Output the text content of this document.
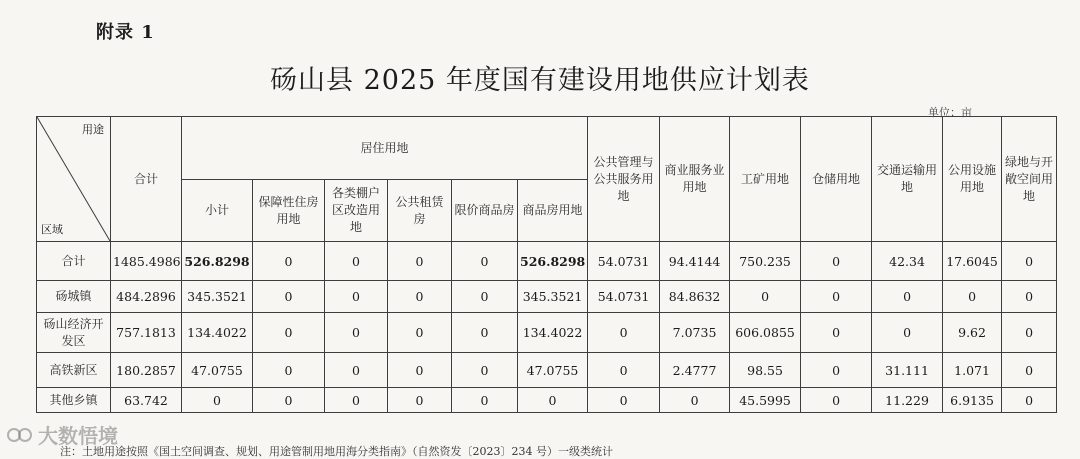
附录 1
砀山县 2025 年度国有建设用地供应计划表
单位：亩
用途
区域	合计	居住用地						公共管理与公共服务用地	商业服务业用地	工矿用地	仓储用地	交通运输用地	公用设施用地	绿地与开敞空间用地
		小计	保障性住房用地	各类棚户区改造用地	公共租赁房	限价商品房	商品房用地							
合计	1485.4986	526.8298	0	0	0	0	526.8298	54.0731	94.4144	750.235	0	42.34	17.6045	0
砀城镇	484.2896	345.3521	0	0	0	0	345.3521	54.0731	84.8632	0	0	0	0	0
砀山经济开发区	757.1813	134.4022	0	0	0	0	134.4022	0	7.0735	606.0855	0	0	9.62	0
高铁新区	180.2857	47.0755	0	0	0	0	47.0755	0	2.4777	98.55	0	31.111	1.071	0
其他乡镇	63.742	0	0	0	0	0	0	0	0	45.5995	0	11.229	6.9135	0
注：土地用途按照《国土空间调查、规划、用途管制用地用海分类指南》（自然资发〔2023〕234 号）一级类统计
大数悟境
